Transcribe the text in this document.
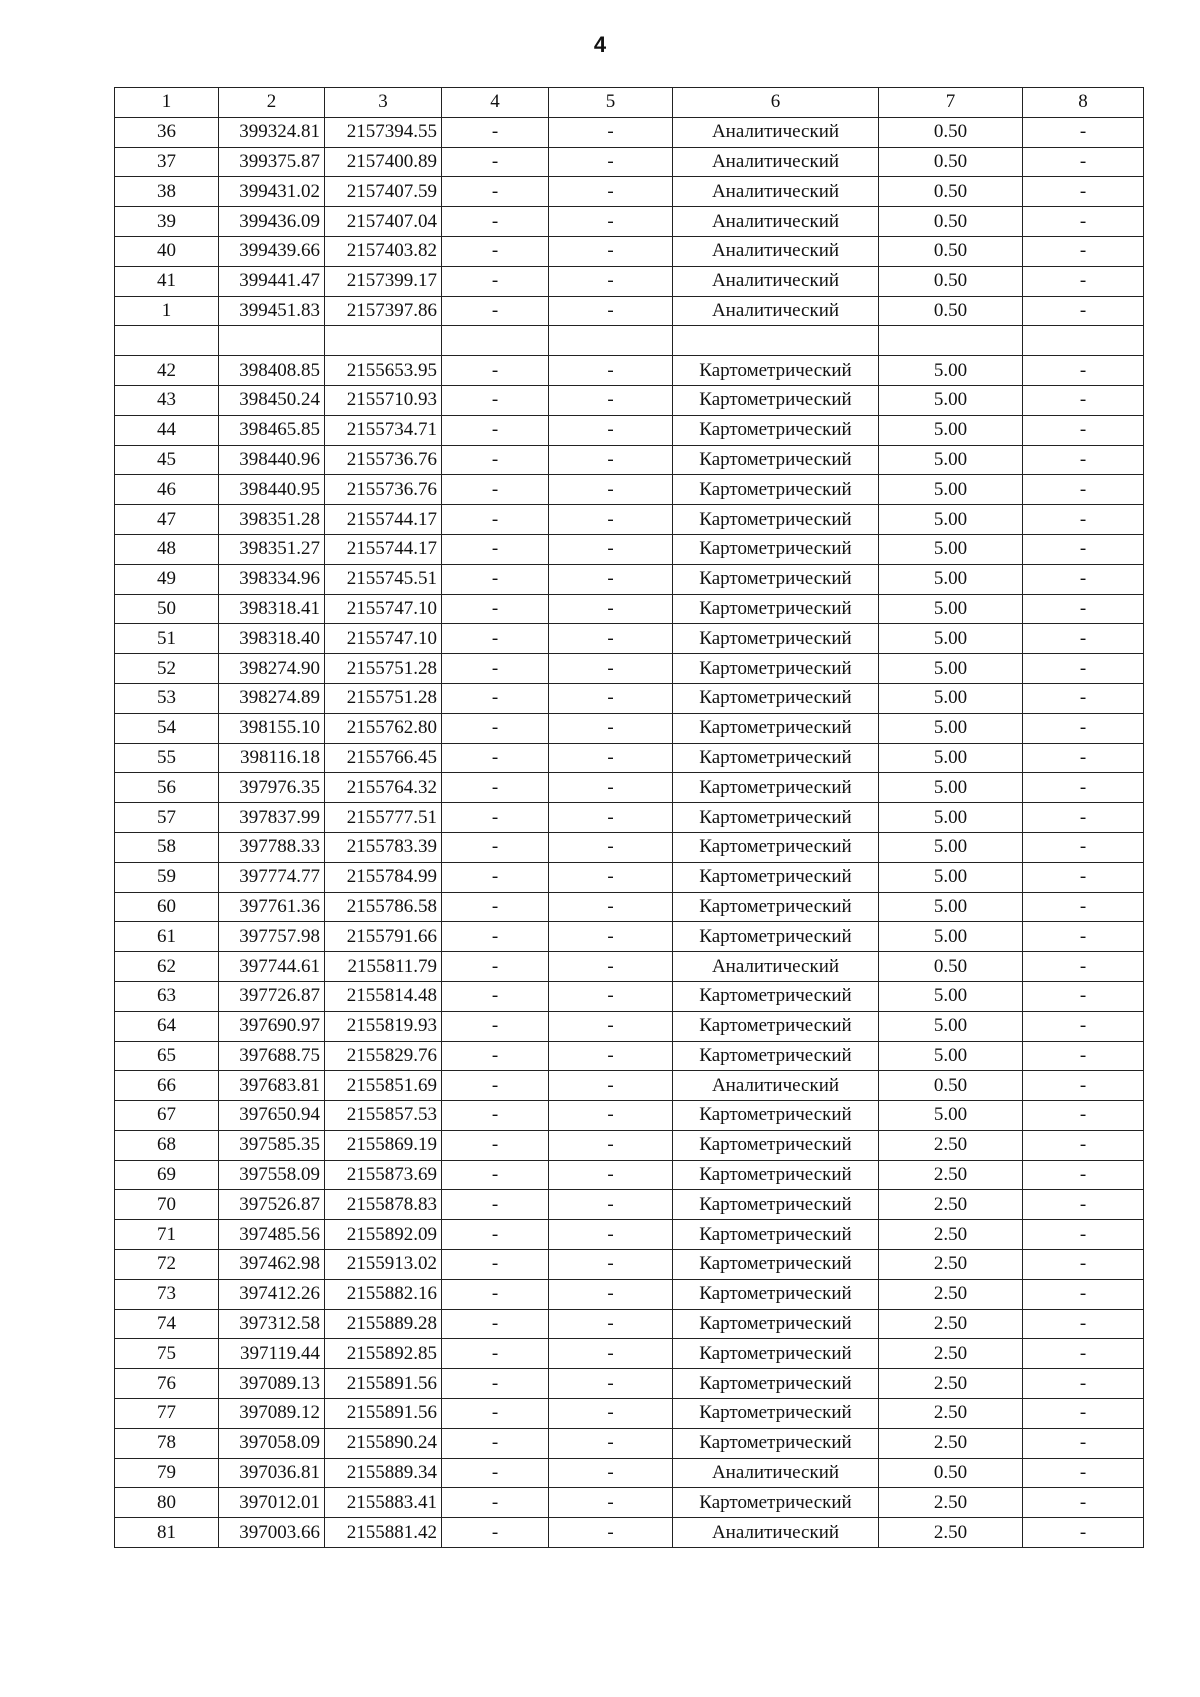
4
1	2	3	4	5	6	7	8
36	399324.81	2157394.55	-	-	Аналитический	0.50	-
37	399375.87	2157400.89	-	-	Аналитический	0.50	-
38	399431.02	2157407.59	-	-	Аналитический	0.50	-
39	399436.09	2157407.04	-	-	Аналитический	0.50	-
40	399439.66	2157403.82	-	-	Аналитический	0.50	-
41	399441.47	2157399.17	-	-	Аналитический	0.50	-
1	399451.83	2157397.86	-	-	Аналитический	0.50	-

42	398408.85	2155653.95	-	-	Картометрический	5.00	-
43	398450.24	2155710.93	-	-	Картометрический	5.00	-
44	398465.85	2155734.71	-	-	Картометрический	5.00	-
45	398440.96	2155736.76	-	-	Картометрический	5.00	-
46	398440.95	2155736.76	-	-	Картометрический	5.00	-
47	398351.28	2155744.17	-	-	Картометрический	5.00	-
48	398351.27	2155744.17	-	-	Картометрический	5.00	-
49	398334.96	2155745.51	-	-	Картометрический	5.00	-
50	398318.41	2155747.10	-	-	Картометрический	5.00	-
51	398318.40	2155747.10	-	-	Картометрический	5.00	-
52	398274.90	2155751.28	-	-	Картометрический	5.00	-
53	398274.89	2155751.28	-	-	Картометрический	5.00	-
54	398155.10	2155762.80	-	-	Картометрический	5.00	-
55	398116.18	2155766.45	-	-	Картометрический	5.00	-
56	397976.35	2155764.32	-	-	Картометрический	5.00	-
57	397837.99	2155777.51	-	-	Картометрический	5.00	-
58	397788.33	2155783.39	-	-	Картометрический	5.00	-
59	397774.77	2155784.99	-	-	Картометрический	5.00	-
60	397761.36	2155786.58	-	-	Картометрический	5.00	-
61	397757.98	2155791.66	-	-	Картометрический	5.00	-
62	397744.61	2155811.79	-	-	Аналитический	0.50	-
63	397726.87	2155814.48	-	-	Картометрический	5.00	-
64	397690.97	2155819.93	-	-	Картометрический	5.00	-
65	397688.75	2155829.76	-	-	Картометрический	5.00	-
66	397683.81	2155851.69	-	-	Аналитический	0.50	-
67	397650.94	2155857.53	-	-	Картометрический	5.00	-
68	397585.35	2155869.19	-	-	Картометрический	2.50	-
69	397558.09	2155873.69	-	-	Картометрический	2.50	-
70	397526.87	2155878.83	-	-	Картометрический	2.50	-
71	397485.56	2155892.09	-	-	Картометрический	2.50	-
72	397462.98	2155913.02	-	-	Картометрический	2.50	-
73	397412.26	2155882.16	-	-	Картометрический	2.50	-
74	397312.58	2155889.28	-	-	Картометрический	2.50	-
75	397119.44	2155892.85	-	-	Картометрический	2.50	-
76	397089.13	2155891.56	-	-	Картометрический	2.50	-
77	397089.12	2155891.56	-	-	Картометрический	2.50	-
78	397058.09	2155890.24	-	-	Картометрический	2.50	-
79	397036.81	2155889.34	-	-	Аналитический	0.50	-
80	397012.01	2155883.41	-	-	Картометрический	2.50	-
81	397003.66	2155881.42	-	-	Аналитический	2.50	-
